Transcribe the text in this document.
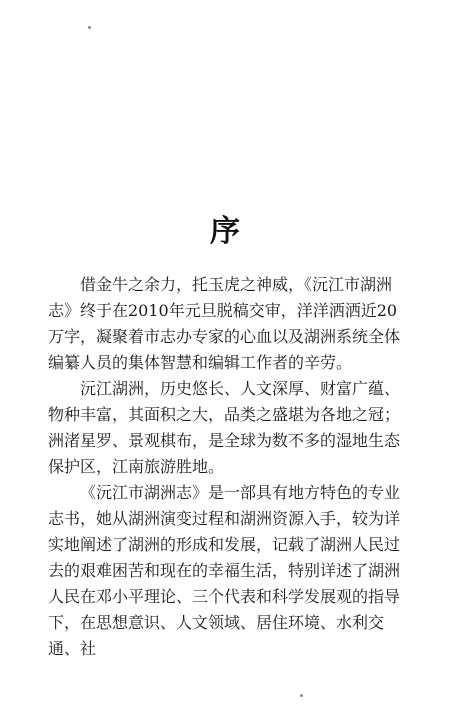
序

借金牛之余力，托玉虎之神威，《沅江市湖洲志》终于在2010年元旦脱稿交审，洋洋洒洒近20万字，凝聚着市志办专家的心血以及湖洲系统全体编纂人员的集体智慧和编辑工作者的辛劳。

沅江湖洲，历史悠长、人文深厚、财富广蕴、物种丰富，其面积之大，品类之盛堪为各地之冠；洲渚星罗、景观棋布，是全球为数不多的湿地生态保护区，江南旅游胜地。

《沅江市湖洲志》是一部具有地方特色的专业志书，她从湖洲演变过程和湖洲资源入手，较为详实地阐述了湖洲的形成和发展，记载了湖洲人民过去的艰难困苦和现在的幸福生活，特别详述了湖洲人民在邓小平理论、三个代表和科学发展观的指导下，在思想意识、人文领域、居住环境、水利交通、社
